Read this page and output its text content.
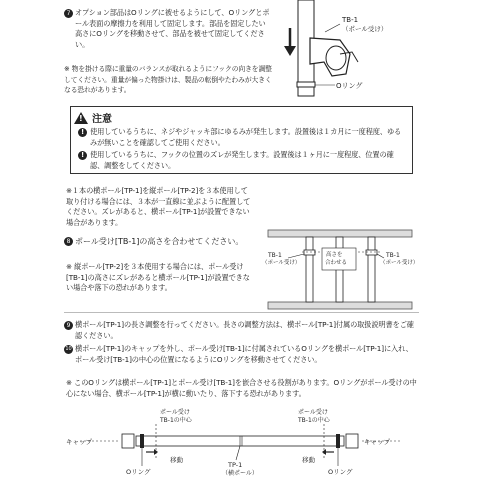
7 オプション部品はOリングに被せるようにして、Oリングとポール表面の摩擦力を利用して固定します。部品を固定したい高さにOリングを移動させて、部品を被せて固定してください。
※ 物を掛ける際に重量のバランスが取れるようにフックの向きを調整してください。重量が偏った物掛けは、製品の転倒やたわみが大きくなる恐れがあります。
TB-1
（ポール受け）
Oリング
! 注意
! 使用しているうちに、ネジやジャッキ部にゆるみが発生します。設置後は１カ月に一度程度、ゆるみが無いことを確認してご使用ください。
! 使用しているうちに、フックの位置のズレが発生します。設置後は１ヶ月に一度程度、位置の確認、調整をしてください。
※１本の横ポール[TP-1]を縦ポール[TP-2]を３本使用して取り付ける場合には、３本が一直線に並ぶように配置してください。ズレがあると、横ポール[TP-1]が設置できない場合があります。
8 ポール受け[TB-1]の高さを合わせてください。
※ 縦ポール[TP-2]を３本使用する場合には、ポール受け[TB-1]の高さにズレがあると横ポール[TP-1]が設置できない場合や落下の恐れがあります。
高さを
合わせる
TB-1
（ポール受け）
TB-1
（ポール受け）
9 横ポール[TP-1]の長さ調整を行ってください。長さの調整方法は、横ポール[TP-1]付属の取扱説明書をご確認ください。
10 横ポール[TP-1]のキャップを外し、ポール受け[TB-1]に付属されているOリングを横ポール[TP-1]に入れ、ポール受け[TB-1]の中心の位置になるようにOリングを移動させてください。
※ このOリングは横ポール[TP-1]とポール受け[TB-1]を嵌合させる役割があります。Oリングがポール受けの中心にない場合、横ポール[TP-1]が横に動いたり、落下する恐れがあります。
キャップ	キャップ
ポール受け
TB-1の中心
ポール受け
TB-1の中心
移動	移動
Oリング	Oリング
TP-1
（横ポール）
